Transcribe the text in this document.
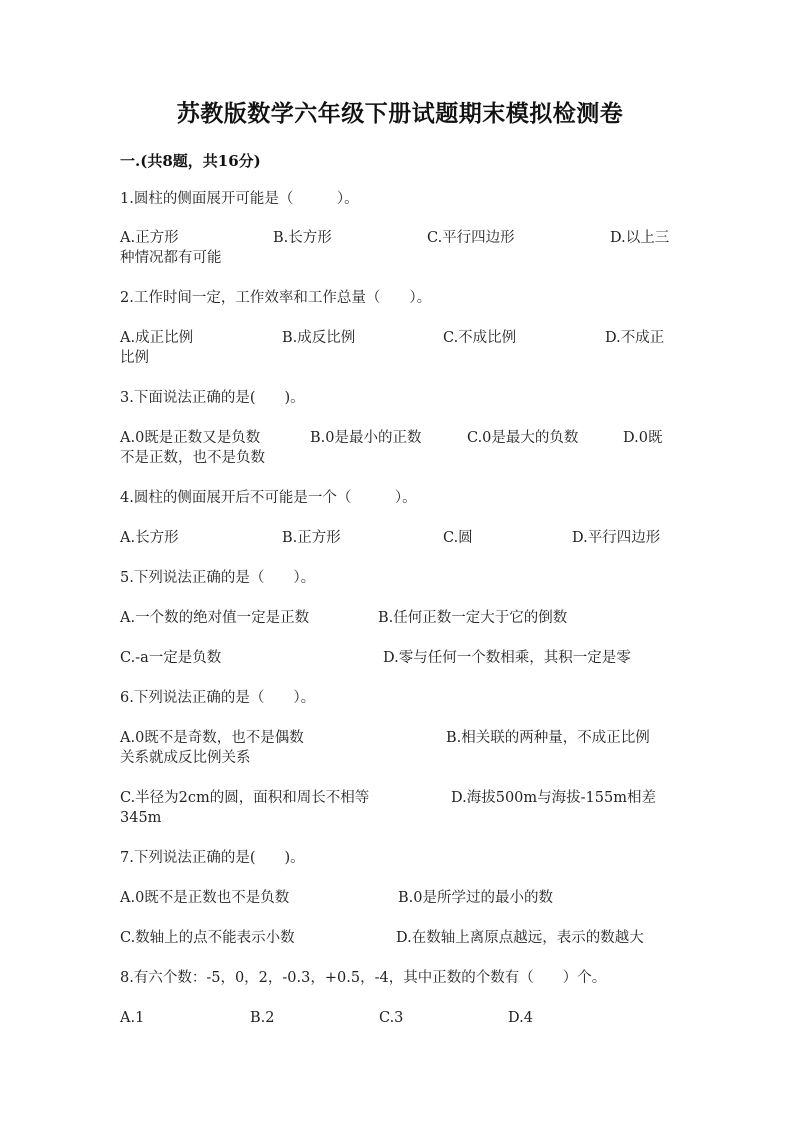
苏教版数学六年级下册试题期末模拟检测卷
一.(共8题，共16分)
1.圆柱的侧面展开可能是（　　　）。
A.正方形	B.长方形	C.平行四边形	D.以上三
种情况都有可能
2.工作时间一定，工作效率和工作总量（　　）。
A.成正比例	B.成反比例	C.不成比例	D.不成正
比例
3.下面说法正确的是(　　)。
A.0既是正数又是负数	B.0是最小的正数	C.0是最大的负数	D.0既
不是正数，也不是负数
4.圆柱的侧面展开后不可能是一个（　　　）。
A.长方形	B.正方形	C.圆	D.平行四边形
5.下列说法正确的是（　　）。
A.一个数的绝对值一定是正数	B.任何正数一定大于它的倒数
C.-a一定是负数	D.零与任何一个数相乘，其积一定是零
6.下列说法正确的是（　　）。
A.0既不是奇数，也不是偶数	B.相关联的两种量，不成正比例
关系就成反比例关系
C.半径为2cm的圆，面积和周长不相等	D.海拔500m与海拔-155m相差
345m
7.下列说法正确的是(　　)。
A.0既不是正数也不是负数	B.0是所学过的最小的数
C.数轴上的点不能表示小数	D.在数轴上离原点越远，表示的数越大
8.有六个数：-5，0，2，-0.3，+0.5，-4，其中正数的个数有（　　）个。
A.1	B.2	C.3	D.4
